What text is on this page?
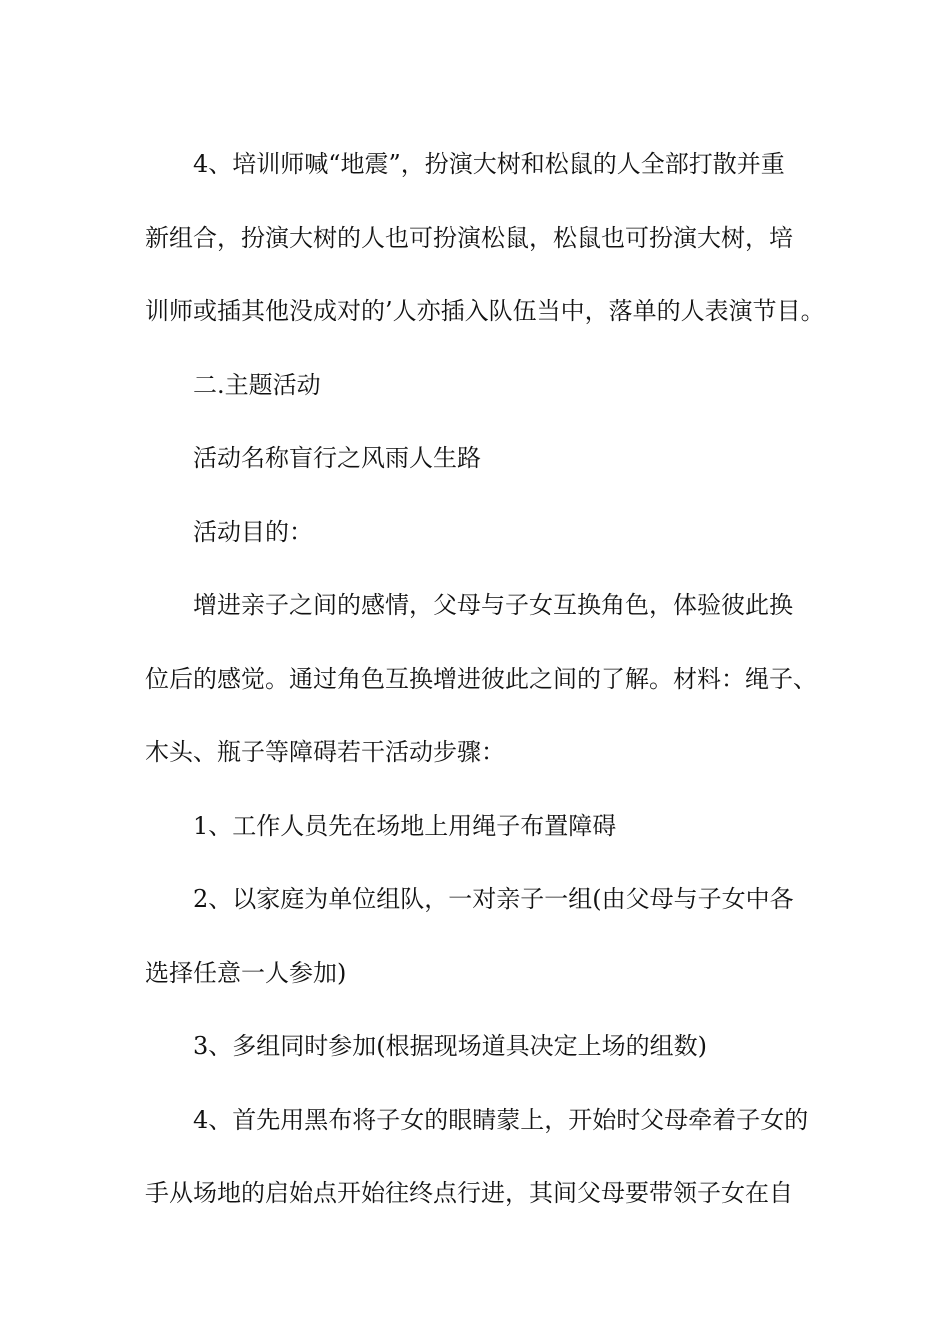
4、培训师喊“地震”，扮演大树和松鼠的人全部打散并重

新组合，扮演大树的人也可扮演松鼠，松鼠也可扮演大树，培

训师或插其他没成对的’人亦插入队伍当中，落单的人表演节目。

二.主题活动

活动名称盲行之风雨人生路

活动目的：

增进亲子之间的感情，父母与子女互换角色，体验彼此换

位后的感觉。通过角色互换增进彼此之间的了解。材料：绳子、

木头、瓶子等障碍若干活动步骤：

1、工作人员先在场地上用绳子布置障碍

2、以家庭为单位组队，一对亲子一组(由父母与子女中各

选择任意一人参加)

3、多组同时参加(根据现场道具决定上场的组数)

4、首先用黑布将子女的眼睛蒙上，开始时父母牵着子女的

手从场地的启始点开始往终点行进，其间父母要带领子女在自
